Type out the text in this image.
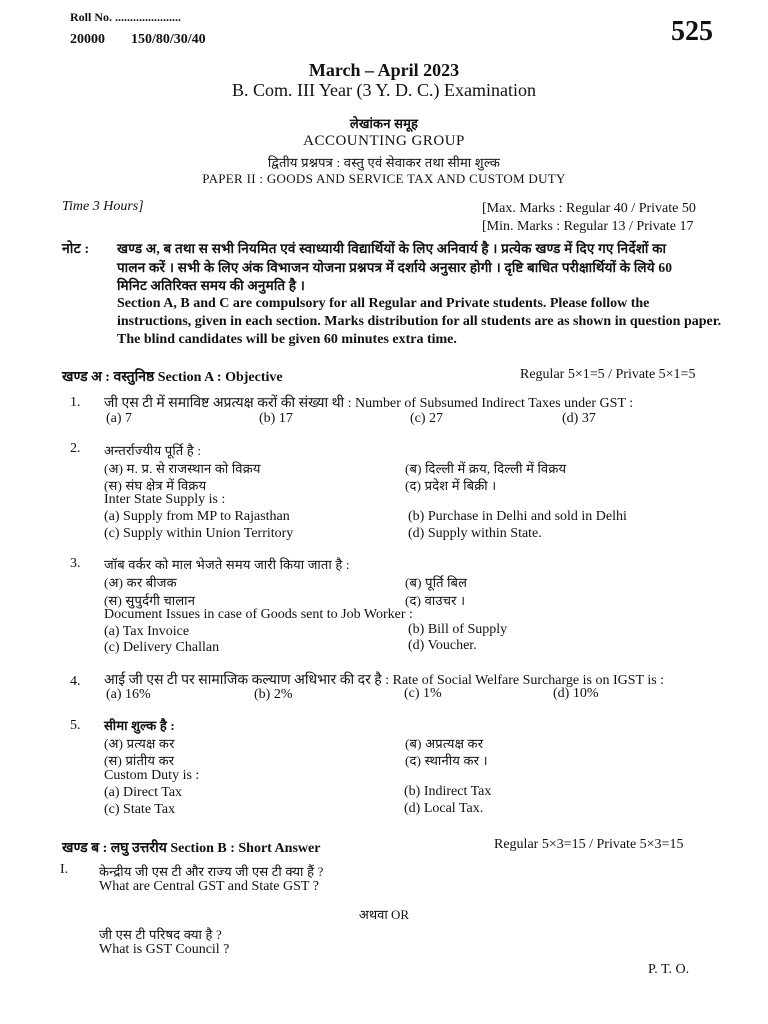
Roll No. ......................
20000 150/80/30/40	525
March – April 2023
B. Com. III Year (3 Y. D. C.) Examination
लेखांकन समूह
ACCOUNTING GROUP
द्वितीय प्रश्नपत्र : वस्तु एवं सेवाकर तथा सीमा शुल्क
PAPER II : GOODS AND SERVICE TAX AND CUSTOM DUTY
Time 3 Hours]	[Max. Marks : Regular 40 / Private 50
[Min. Marks : Regular 13 / Private 17
नोट : खण्ड अ, ब तथा स सभी नियमित एवं स्वाध्यायी विद्यार्थियों के लिए अनिवार्य है । प्रत्येक खण्ड में दिए गए निर्देशों का
पालन करें । सभी के लिए अंक विभाजन योजना प्रश्नपत्र में दर्शाये अनुसार होगी । दृष्टि बाधित परीक्षार्थियों के लिये 60
मिनिट अतिरिक्त समय की अनुमति है ।
Section A, B and C are compulsory for all Regular and Private students. Please follow the instructions, given in each section. Marks distribution for all students are as shown in question paper. The blind candidates will be given 60 minutes extra time.
खण्ड अ : वस्तुनिष्ठ Section A : Objective	Regular 5×1=5 / Private 5×1=5
1. जी एस टी में समाविष्ट अप्रत्यक्ष करों की संख्या थी : Number of Subsumed Indirect Taxes under GST :
(a) 7	(b) 17	(c) 27	(d) 37
2. अन्तर्राज्यीय पूर्ति है :
(अ) म. प्र. से राजस्थान को विक्रय	(ब) दिल्ली में क्रय, दिल्ली में विक्रय
(स) संघ क्षेत्र में विक्रय	(द) प्रदेश में बिक्री ।
Inter State Supply is :
(a) Supply from MP to Rajasthan	(b) Purchase in Delhi and sold in Delhi
(c) Supply within Union Territory	(d) Supply within State.
3. जॉब वर्कर को माल भेजते समय जारी किया जाता है :
(अ) कर बीजक	(ब) पूर्ति बिल
(स) सुपुर्दगी चालान	(द) वाउचर ।
Document Issues in case of Goods sent to Job Worker :
(a) Tax Invoice	(b) Bill of Supply
(c) Delivery Challan	(d) Voucher.
4. आई जी एस टी पर सामाजिक कल्याण अधिभार की दर है : Rate of Social Welfare Surcharge is on IGST is :
(a) 16%	(b) 2%	(c) 1%	(d) 10%
5. सीमा शुल्क है :
(अ) प्रत्यक्ष कर	(ब) अप्रत्यक्ष कर
(स) प्रांतीय कर	(द) स्थानीय कर ।
Custom Duty is :
(a) Direct Tax	(b) Indirect Tax
(c) State Tax	(d) Local Tax.
खण्ड ब : लघु उत्तरीय Section B : Short Answer	Regular 5×3=15 / Private 5×3=15
I. केन्द्रीय जी एस टी और राज्य जी एस टी क्या हैं ?
What are Central GST and State GST ?
अथवा OR
जी एस टी परिषद क्या है ?
What is GST Council ?
P. T. O.
